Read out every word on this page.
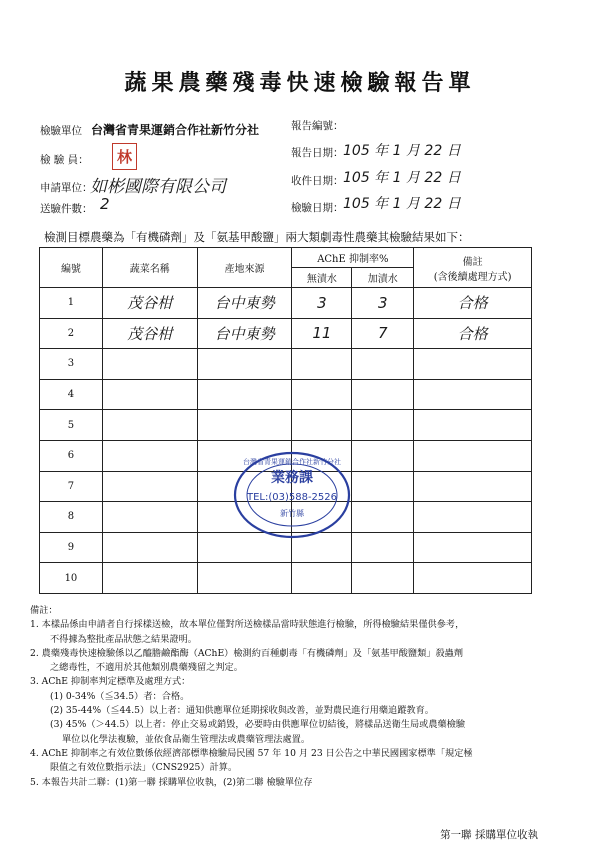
蔬果農藥殘毒快速檢驗報告單
檢驗單位 台灣省青果運銷合作社新竹分社	報告編號：
檢 驗 員：	林	報告日期： 105 年 1 月 22 日
申請單位：
如彬國際有限公司	收件日期： 105 年 1 月 22 日
送驗件數： 2	檢驗日期： 105 年 1 月 22 日
檢測目標農藥為「有機磷劑」及「氨基甲酸鹽」兩大類劇毒性農藥其檢驗結果如下：
編號	蔬菜名稱	產地來源	AChE 抑制率%		備註
(含後續處理方式)

			無漬水	加漬水	
1	茂谷柑	台中東勢	3	3	合格
2	茂谷柑	台中東勢	11	7	合格
3					
4					
5					
6					
7					
8					
9					
10					
台灣省青果運銷合作社新竹分社
業務課
TEL:(03)588-2526
新竹縣

備註：

1. 本樣品係由申請者自行採樣送檢，故本單位僅對所送檢樣品當時狀態進行檢驗，所得檢驗結果僅供參考，

不得據為整批產品狀態之結果證明。

2. 農藥殘毒快速檢驗係以乙醯膽鹼酯酶（AChE）檢測約百種劇毒「有機磷劑」及「氨基甲酸鹽類」殺蟲劑

之總毒性，不適用於其他類別農藥殘留之判定。

3. AChE 抑制率判定標準及處理方式：

(1) 0-34%（≦34.5）者：合格。

(2) 35-44%（≦44.5）以上者：通知供應單位延期採收與改善，並對農民進行用藥追蹤教育。

(3) 45%（＞44.5）以上者：停止交易或銷毀，必要時由供應單位切結後，將樣品送衛生局或農藥檢驗

單位以化學法複驗，並依食品衛生管理法或農藥管理法處置。

4. AChE 抑制率之有效位數係依經濟部標準檢驗局民國 57 年 10 月 23 日公告之中華民國國家標準「規定極

限值之有效位數指示法」（CNS2925）計算。

5. 本報告共計二聯：(1)第一聯 採購單位收執，(2)第二聯 檢驗單位存

第一聯 採購單位收執
